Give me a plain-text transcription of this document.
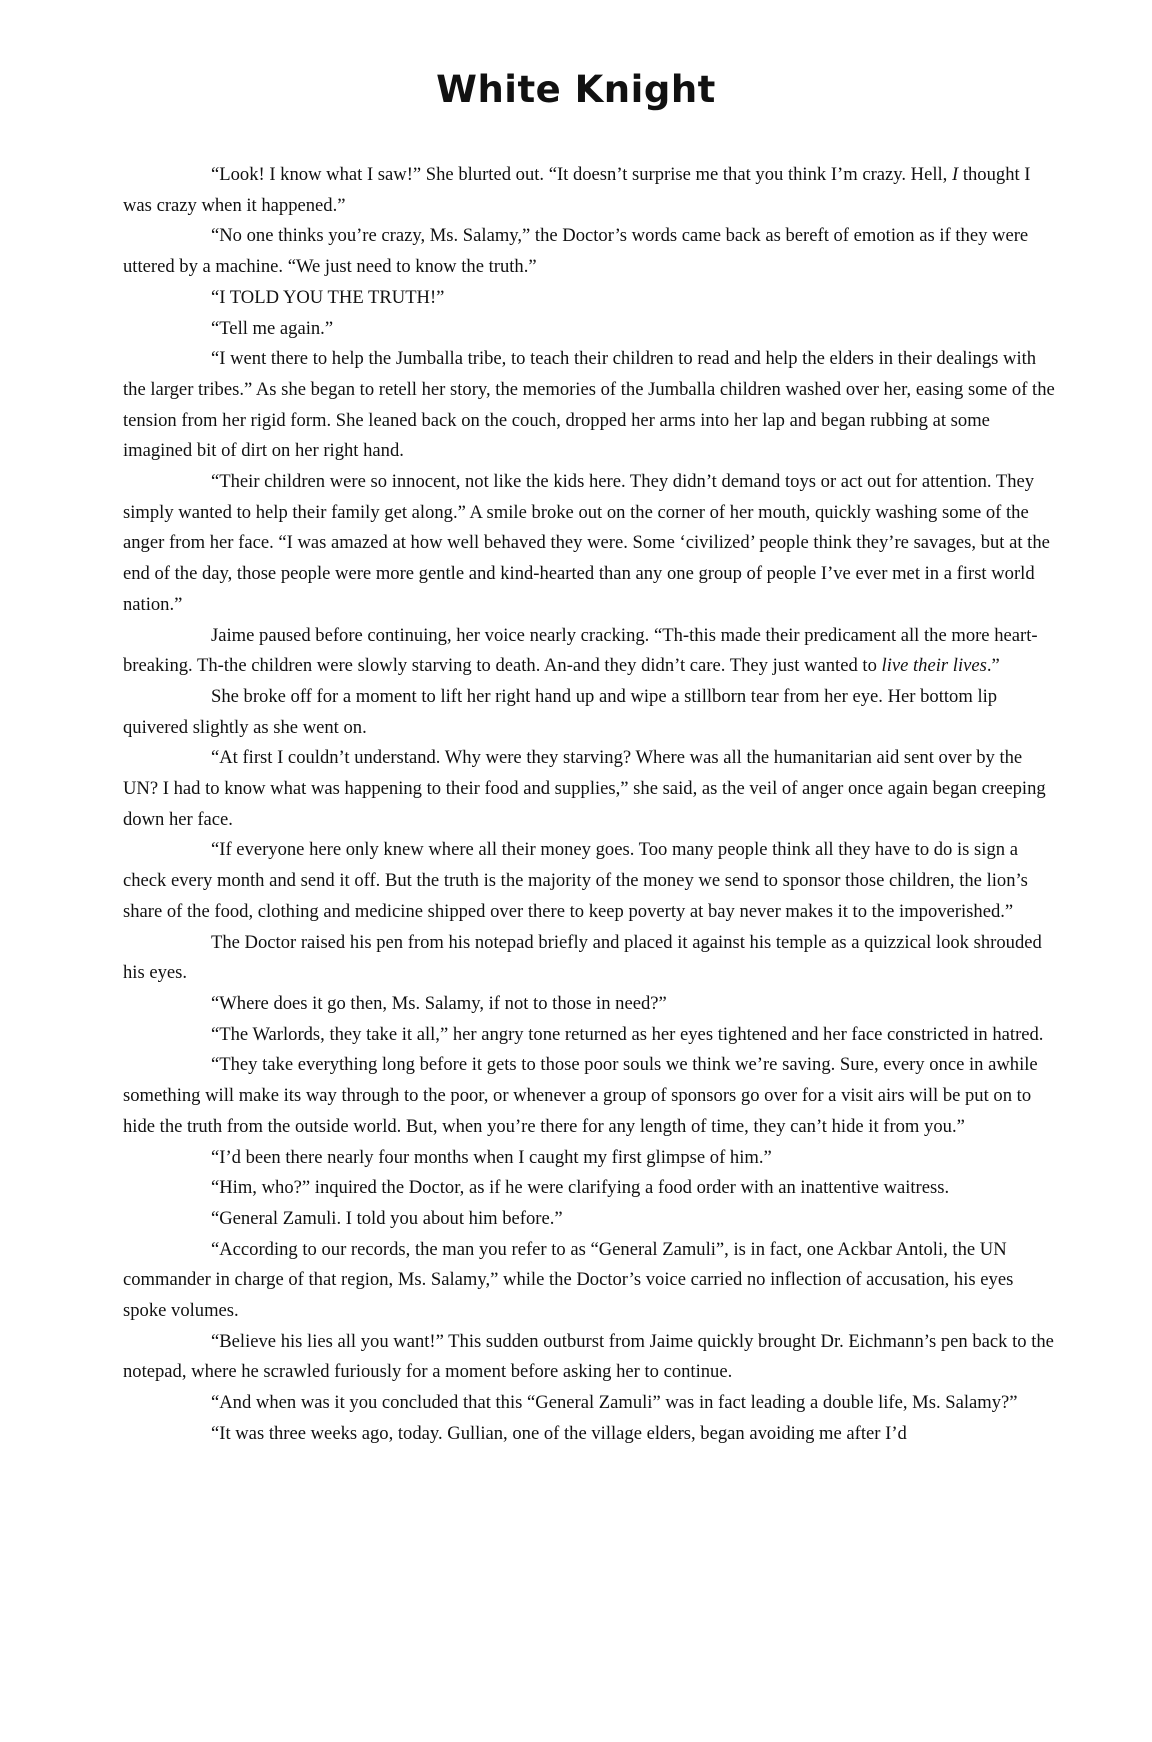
White Knight

“Look! I know what I saw!” She blurted out. “It doesn’t surprise me that you think I’m crazy. Hell, I thought I was crazy when it happened.”

“No one thinks you’re crazy, Ms. Salamy,” the Doctor’s words came back as bereft of emotion as if they were uttered by a machine. “We just need to know the truth.”

“I TOLD YOU THE TRUTH!”

“Tell me again.”

“I went there to help the Jumballa tribe, to teach their children to read and help the elders in their dealings with the larger tribes.” As she began to retell her story, the memories of the Jumballa children washed over her, easing some of the tension from her rigid form. She leaned back on the couch, dropped her arms into her lap and began rubbing at some imagined bit of dirt on her right hand.

“Their children were so innocent, not like the kids here. They didn’t demand toys or act out for attention. They simply wanted to help their family get along.” A smile broke out on the corner of her mouth, quickly washing some of the anger from her face. “I was amazed at how well behaved they were. Some ‘civilized’ people think they’re savages, but at the end of the day, those people were more gentle and kind-hearted than any one group of people I’ve ever met in a first world nation.”

Jaime paused before continuing, her voice nearly cracking. “Th-this made their predicament all the more heart-breaking. Th-the children were slowly starving to death. An-and they didn’t care. They just wanted to live their lives.”

She broke off for a moment to lift her right hand up and wipe a stillborn tear from her eye. Her bottom lip quivered slightly as she went on.

“At first I couldn’t understand. Why were they starving? Where was all the humanitarian aid sent over by the UN? I had to know what was happening to their food and supplies,” she said, as the veil of anger once again began creeping down her face.

“If everyone here only knew where all their money goes. Too many people think all they have to do is sign a check every month and send it off. But the truth is the majority of the money we send to sponsor those children, the lion’s share of the food, clothing and medicine shipped over there to keep poverty at bay never makes it to the impoverished.”

The Doctor raised his pen from his notepad briefly and placed it against his temple as a quizzical look shrouded his eyes.

“Where does it go then, Ms. Salamy, if not to those in need?”

“The Warlords, they take it all,” her angry tone returned as her eyes tightened and her face constricted in hatred.

“They take everything long before it gets to those poor souls we think we’re saving. Sure, every once in awhile something will make its way through to the poor, or whenever a group of sponsors go over for a visit airs will be put on to hide the truth from the outside world. But, when you’re there for any length of time, they can’t hide it from you.”

“I’d been there nearly four months when I caught my first glimpse of him.”

“Him, who?” inquired the Doctor, as if he were clarifying a food order with an inattentive waitress.

“General Zamuli. I told you about him before.”

“According to our records, the man you refer to as “General Zamuli”, is in fact, one Ackbar Antoli, the UN commander in charge of that region, Ms. Salamy,” while the Doctor’s voice carried no inflection of accusation, his eyes spoke volumes.

“Believe his lies all you want!” This sudden outburst from Jaime quickly brought Dr. Eichmann’s pen back to the notepad, where he scrawled furiously for a moment before asking her to continue.

“And when was it you concluded that this “General Zamuli” was in fact leading a double life, Ms. Salamy?”

“It was three weeks ago, today. Gullian, one of the village elders, began avoiding me after I’d
